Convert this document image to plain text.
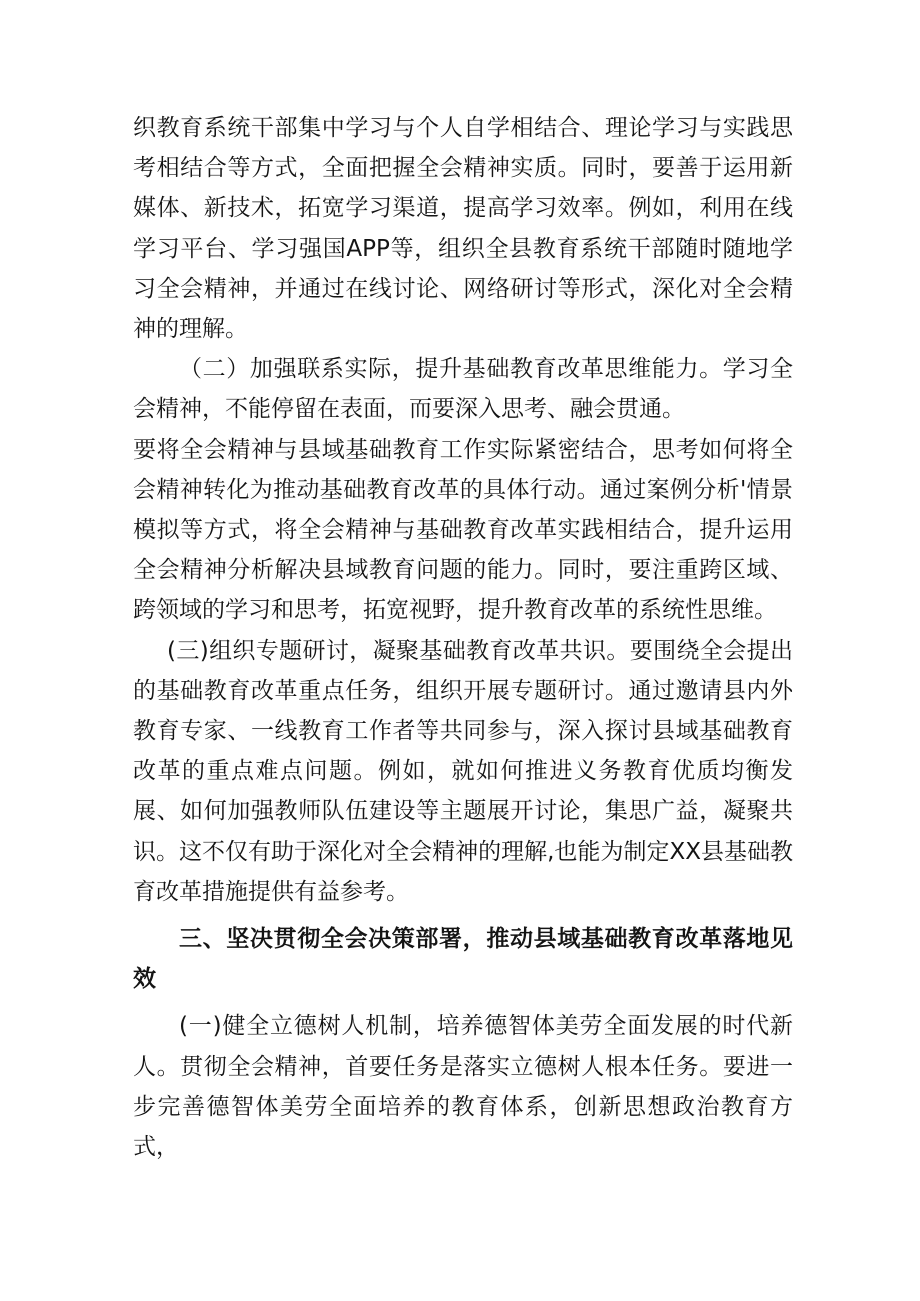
织教育系统干部集中学习与个人自学相结合、理论学习与实践思考相结合等方式，全面把握全会精神实质。同时，要善于运用新媒体、新技术，拓宽学习渠道，提高学习效率。例如，利用在线学习平台、学习强国APP等，组织全县教育系统干部随时随地学习全会精神，并通过在线讨论、网络研讨等形式，深化对全会精神的理解。

（二）加强联系实际，提升基础教育改革思维能力。学习全会精神，不能停留在表面，而要深入思考、融会贯通。

要将全会精神与县域基础教育工作实际紧密结合，思考如何将全会精神转化为推动基础教育改革的具体行动。通过案例分析'情景模拟等方式，将全会精神与基础教育改革实践相结合，提升运用全会精神分析解决县域教育问题的能力。同时，要注重跨区域、跨领域的学习和思考，拓宽视野，提升教育改革的系统性思维。

(三)组织专题研讨，凝聚基础教育改革共识。要围绕全会提出的基础教育改革重点任务，组织开展专题研讨。通过邀请县内外教育专家、一线教育工作者等共同参与，深入探讨县域基础教育改革的重点难点问题。例如，就如何推进义务教育优质均衡发展、如何加强教师队伍建设等主题展开讨论，集思广益，凝聚共识。这不仅有助于深化对全会精神的理解,也能为制定XX县基础教育改革措施提供有益参考。

三、坚决贯彻全会决策部署，推动县域基础教育改革落地见效

(一)健全立德树人机制，培养德智体美劳全面发展的时代新人。贯彻全会精神，首要任务是落实立德树人根本任务。要进一步完善德智体美劳全面培养的教育体系，创新思想政治教育方式，
